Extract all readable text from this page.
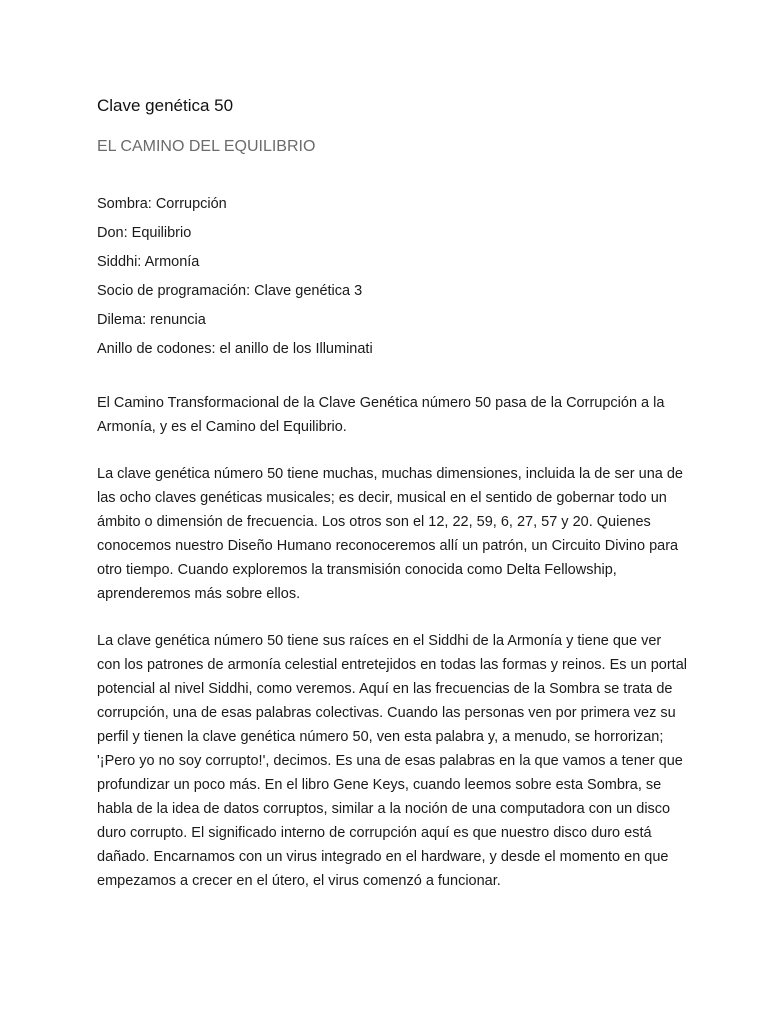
Clave genética 50
EL CAMINO DEL EQUILIBRIO
Sombra: Corrupción
Don: Equilibrio
Siddhi: Armonía
Socio de programación: Clave genética 3
Dilema: renuncia
Anillo de codones: el anillo de los Illuminati

El Camino Transformacional de la Clave Genética número 50 pasa de la Corrupción a la Armonía, y es el Camino del Equilibrio.

La clave genética número 50 tiene muchas, muchas dimensiones, incluida la de ser una de las ocho claves genéticas musicales; es decir, musical en el sentido de gobernar todo un ámbito o dimensión de frecuencia. Los otros son el 12, 22, 59, 6, 27, 57 y 20. Quienes conocemos nuestro Diseño Humano reconoceremos allí un patrón, un Circuito Divino para otro tiempo. Cuando exploremos la transmisión conocida como Delta Fellowship, aprenderemos más sobre ellos.

La clave genética número 50 tiene sus raíces en el Siddhi de la Armonía y tiene que ver con los patrones de armonía celestial entretejidos en todas las formas y reinos. Es un portal potencial al nivel Siddhi, como veremos. Aquí en las frecuencias de la Sombra se trata de corrupción, una de esas palabras colectivas. Cuando las personas ven por primera vez su perfil y tienen la clave genética número 50, ven esta palabra y, a menudo, se horrorizan; '¡Pero yo no soy corrupto!', decimos. Es una de esas palabras en la que vamos a tener que profundizar un poco más. En el libro Gene Keys, cuando leemos sobre esta Sombra, se habla de la idea de datos corruptos, similar a la noción de una computadora con un disco duro corrupto. El significado interno de corrupción aquí es que nuestro disco duro está dañado. Encarnamos con un virus integrado en el hardware, y desde el momento en que empezamos a crecer en el útero, el virus comenzó a funcionar.
